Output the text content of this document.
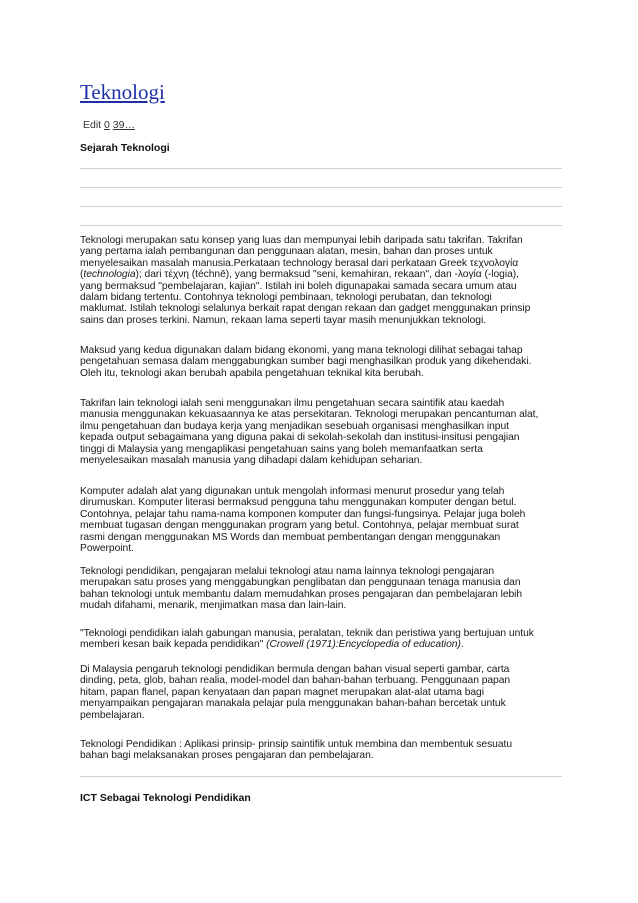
Teknologi
Edit 0 39…
Sejarah Teknologi
Teknologi merupakan satu konsep yang luas dan mempunyai lebih daripada satu takrifan. Takrifan
yang pertama ialah pembangunan dan penggunaan alatan, mesin, bahan dan proses untuk
menyelesaikan masalah manusia.Perkataan technology berasal dari perkataan Greek τεχνολογία
(technologia); dari τέχνη (téchnē), yang bermaksud "seni, kemahiran, rekaan", dan -λογία (-logia),
yang bermaksud "pembelajaran, kajian". Istilah ini boleh digunapakai samada secara umum atau
dalam bidang tertentu. Contohnya teknologi pembinaan, teknologi perubatan, dan teknologi
maklumat. Istilah teknologi selalunya berkait rapat dengan rekaan dan gadget menggunakan prinsip
sains dan proses terkini. Namun, rekaan lama seperti tayar masih menunjukkan teknologi.
Maksud yang kedua digunakan dalam bidang ekonomi, yang mana teknologi dilihat sebagai tahap
pengetahuan semasa dalam menggabungkan sumber bagi menghasilkan produk yang dikehendaki.
Oleh itu, teknologi akan berubah apabila pengetahuan teknikal kita berubah.
Takrifan lain teknologi ialah seni menggunakan ilmu pengetahuan secara saintifik atau kaedah
manusia menggunakan kekuasaannya ke atas persekitaran. Teknologi merupakan pencantuman alat,
ilmu pengetahuan dan budaya kerja yang menjadikan sesebuah organisasi menghasilkan input
kepada output sebagaimana yang diguna pakai di sekolah-sekolah dan institusi-insitusi pengajian
tinggi di Malaysia yang mengaplikasi pengetahuan sains yang boleh memanfaatkan serta
menyelesaikan masalah manusia yang dihadapi dalam kehidupan seharian.
Komputer adalah alat yang digunakan untuk mengolah informasi menurut prosedur yang telah
dirumuskan. Komputer literasi bermaksud pengguna tahu menggunakan komputer dengan betul.
Contohnya, pelajar tahu nama-nama komponen komputer dan fungsi-fungsinya. Pelajar juga boleh
membuat tugasan dengan menggunakan program yang betul. Contohnya, pelajar membuat surat
rasmi dengan menggunakan MS Words dan membuat pembentangan dengan menggunakan
Powerpoint.
Teknologi pendidikan, pengajaran melalui teknologi atau nama lainnya teknologi pengajaran
merupakan satu proses yang menggabungkan penglibatan dan penggunaan tenaga manusia dan
bahan teknologi untuk membantu dalam memudahkan proses pengajaran dan pembelajaran lebih
mudah difahami, menarik, menjimatkan masa dan lain-lain.
"Teknologi pendidikan ialah gabungan manusia, peralatan, teknik dan peristiwa yang bertujuan untuk
memberi kesan baik kepada pendidikan" (Crowell (1971):Encyclopedia of education).
Di Malaysia pengaruh teknologi pendidikan bermula dengan bahan visual seperti gambar, carta
dinding, peta, glob, bahan realia, model-model dan bahan-bahan terbuang. Penggunaan papan
hitam, papan flanel, papan kenyataan dan papan magnet merupakan alat-alat utama bagi
menyampaikan pengajaran manakala pelajar pula menggunakan bahan-bahan bercetak untuk
pembelajaran.
Teknologi Pendidikan : Aplikasi prinsip- prinsip saintifik untuk membina dan membentuk sesuatu
bahan bagi melaksanakan proses pengajaran dan pembelajaran.
ICT Sebagai Teknologi Pendidikan
